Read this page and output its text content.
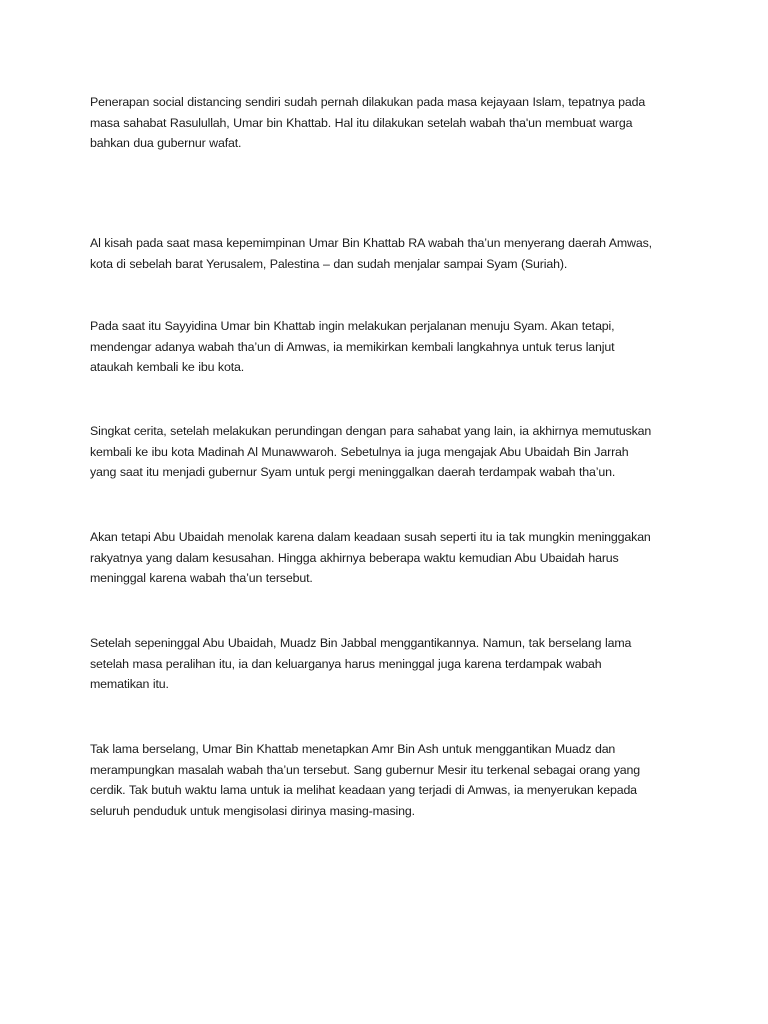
Penerapan social distancing sendiri sudah pernah dilakukan pada masa kejayaan Islam, tepatnya pada
masa sahabat Rasulullah, Umar bin Khattab. Hal itu dilakukan setelah wabah tha'un membuat warga
bahkan dua gubernur wafat.

Al kisah pada saat masa kepemimpinan Umar Bin Khattab RA wabah tha’un menyerang daerah Amwas,
kota di sebelah barat Yerusalem, Palestina – dan sudah menjalar sampai Syam (Suriah).

Pada saat itu Sayyidina Umar bin Khattab ingin melakukan perjalanan menuju Syam. Akan tetapi,
mendengar adanya wabah tha’un di Amwas, ia memikirkan kembali langkahnya untuk terus lanjut
ataukah kembali ke ibu kota.

Singkat cerita, setelah melakukan perundingan dengan para sahabat yang lain, ia akhirnya memutuskan
kembali ke ibu kota Madinah Al Munawwaroh. Sebetulnya ia juga mengajak Abu Ubaidah Bin Jarrah
yang saat itu menjadi gubernur Syam untuk pergi meninggalkan daerah terdampak wabah tha’un.

Akan tetapi Abu Ubaidah menolak karena dalam keadaan susah seperti itu ia tak mungkin meninggakan
rakyatnya yang dalam kesusahan. Hingga akhirnya beberapa waktu kemudian Abu Ubaidah harus
meninggal karena wabah tha’un tersebut.

Setelah sepeninggal Abu Ubaidah, Muadz Bin Jabbal menggantikannya. Namun, tak berselang lama
setelah masa peralihan itu, ia dan keluarganya harus meninggal juga karena terdampak wabah
mematikan itu.

Tak lama berselang, Umar Bin Khattab menetapkan Amr Bin Ash untuk menggantikan Muadz dan
merampungkan masalah wabah tha’un tersebut. Sang gubernur Mesir itu terkenal sebagai orang yang
cerdik. Tak butuh waktu lama untuk ia melihat keadaan yang terjadi di Amwas, ia menyerukan kepada
seluruh penduduk untuk mengisolasi dirinya masing-masing.
